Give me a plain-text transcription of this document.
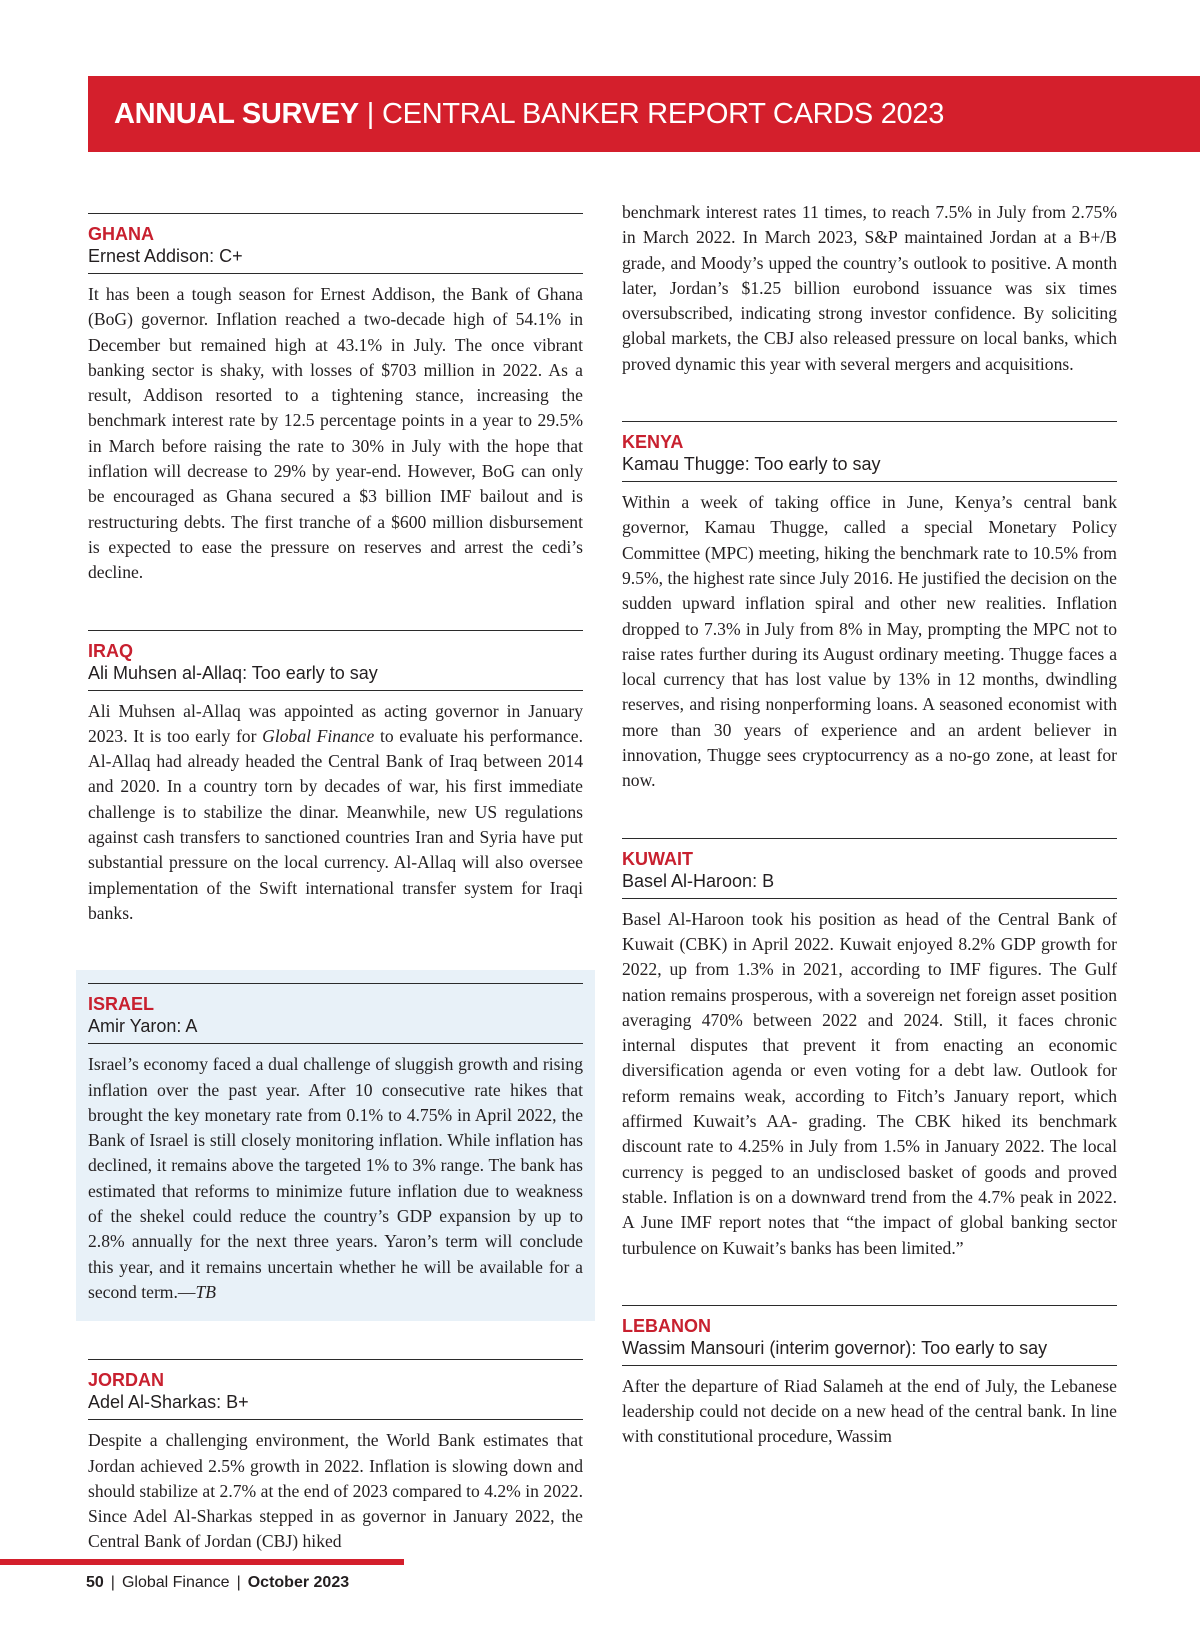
ANNUAL SURVEY | CENTRAL BANKER REPORT CARDS 2023
GHANA
Ernest Addison: C+

It has been a tough season for Ernest Addison, the Bank of Ghana (BoG) governor. Inflation reached a two-decade high of 54.1% in December but remained high at 43.1% in July. The once vibrant banking sector is shaky, with losses of $703 million in 2022. As a result, Addison resorted to a tightening stance, increasing the benchmark interest rate by 12.5 percentage points in a year to 29.5% in March before raising the rate to 30% in July with the hope that inflation will decrease to 29% by year-end. However, BoG can only be encouraged as Ghana secured a $3 billion IMF bailout and is restructuring debts. The first tranche of a $600 million disbursement is expected to ease the pressure on reserves and arrest the cedi’s decline.

IRAQ
Ali Muhsen al-Allaq: Too early to say

Ali Muhsen al-Allaq was appointed as acting governor in January 2023. It is too early for Global Finance to evaluate his performance. Al-Allaq had already headed the Central Bank of Iraq between 2014 and 2020. In a country torn by decades of war, his first immediate challenge is to stabilize the dinar. Meanwhile, new US regulations against cash transfers to sanctioned countries Iran and Syria have put substantial pressure on the local currency. Al-Allaq will also oversee implementation of the Swift international transfer system for Iraqi banks.

ISRAEL
Amir Yaron: A

Israel’s economy faced a dual challenge of sluggish growth and rising inflation over the past year. After 10 consecutive rate hikes that brought the key monetary rate from 0.1% to 4.75% in April 2022, the Bank of Israel is still closely monitoring inflation. While inflation has declined, it remains above the targeted 1% to 3% range. The bank has estimated that reforms to minimize future inflation due to weakness of the shekel could reduce the country’s GDP expansion by up to 2.8% annually for the next three years. Yaron’s term will conclude this year, and it remains uncertain whether he will be available for a second term.—TB

JORDAN
Adel Al-Sharkas: B+

Despite a challenging environment, the World Bank estimates that Jordan achieved 2.5% growth in 2022. Inflation is slowing down and should stabilize at 2.7% at the end of 2023 compared to 4.2% in 2022. Since Adel Al-Sharkas stepped in as governor in January 2022, the Central Bank of Jordan (CBJ) hiked

benchmark interest rates 11 times, to reach 7.5% in July from 2.75% in March 2022. In March 2023, S&P maintained Jordan at a B+/B grade, and Moody’s upped the country’s outlook to positive. A month later, Jordan’s $1.25 billion eurobond issuance was six times oversubscribed, indicating strong investor confidence. By soliciting global markets, the CBJ also released pressure on local banks, which proved dynamic this year with several mergers and acquisitions.

KENYA
Kamau Thugge: Too early to say

Within a week of taking office in June, Kenya’s central bank governor, Kamau Thugge, called a special Monetary Policy Committee (MPC) meeting, hiking the benchmark rate to 10.5% from 9.5%, the highest rate since July 2016. He justified the decision on the sudden upward inflation spiral and other new realities. Inflation dropped to 7.3% in July from 8% in May, prompting the MPC not to raise rates further during its August ordinary meeting. Thugge faces a local currency that has lost value by 13% in 12 months, dwindling reserves, and rising nonperforming loans. A seasoned economist with more than 30 years of experience and an ardent believer in innovation, Thugge sees cryptocurrency as a no-go zone, at least for now.

KUWAIT
Basel Al-Haroon: B

Basel Al-Haroon took his position as head of the Central Bank of Kuwait (CBK) in April 2022. Kuwait enjoyed 8.2% GDP growth for 2022, up from 1.3% in 2021, according to IMF figures. The Gulf nation remains prosperous, with a sovereign net foreign asset position averaging 470% between 2022 and 2024. Still, it faces chronic internal disputes that prevent it from enacting an economic diversification agenda or even voting for a debt law. Outlook for reform remains weak, according to Fitch’s January report, which affirmed Kuwait’s AA- grading. The CBK hiked its benchmark discount rate to 4.25% in July from 1.5% in January 2022. The local currency is pegged to an undisclosed basket of goods and proved stable. Inflation is on a downward trend from the 4.7% peak in 2022. A June IMF report notes that “the impact of global banking sector turbulence on Kuwait’s banks has been limited.”

LEBANON
Wassim Mansouri (interim governor): Too early to say

After the departure of Riad Salameh at the end of July, the Lebanese leadership could not decide on a new head of the central bank. In line with constitutional procedure, Wassim

50 | Global Finance | October 2023
